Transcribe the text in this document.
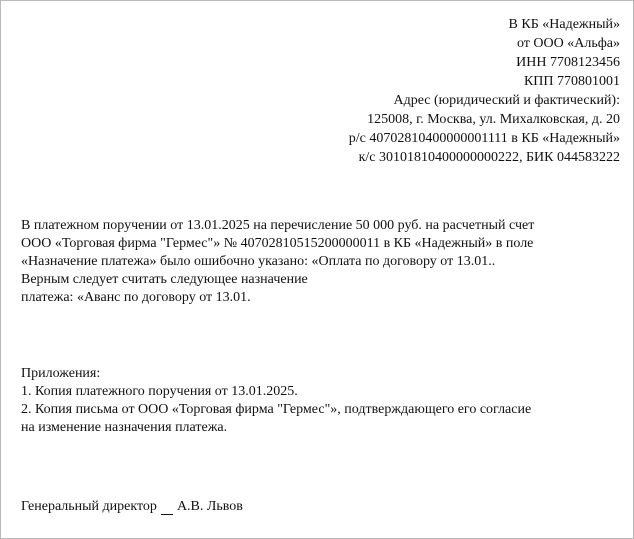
В КБ «Надежный»
от ООО «Альфа»
ИНН 7708123456
КПП 770801001
Адрес (юридический и фактический):
125008, г. Москва, ул. Михалковская, д. 20
р/с 40702810400000001111 в КБ «Надежный»
к/с 30101810400000000222, БИК 044583222
В платежном поручении от 13.01.2025 на перечисление 50 000 руб. на расчетный счет
ООО «Торговая фирма "Гермес"» № 40702810515200000011 в КБ «Надежный» в поле
«Назначение платежа» было ошибочно указано: «Оплата по договору от 13.01..
Верным следует считать следующее назначение
платежа: «Аванс по договору от 13.01.
Приложения:
1. Копия платежного поручения от 13.01.2025.
2. Копия письма от ООО «Торговая фирма "Гермес"», подтверждающего его согласие
на изменение назначения платежа.
Генеральный директор А.В. Львов
